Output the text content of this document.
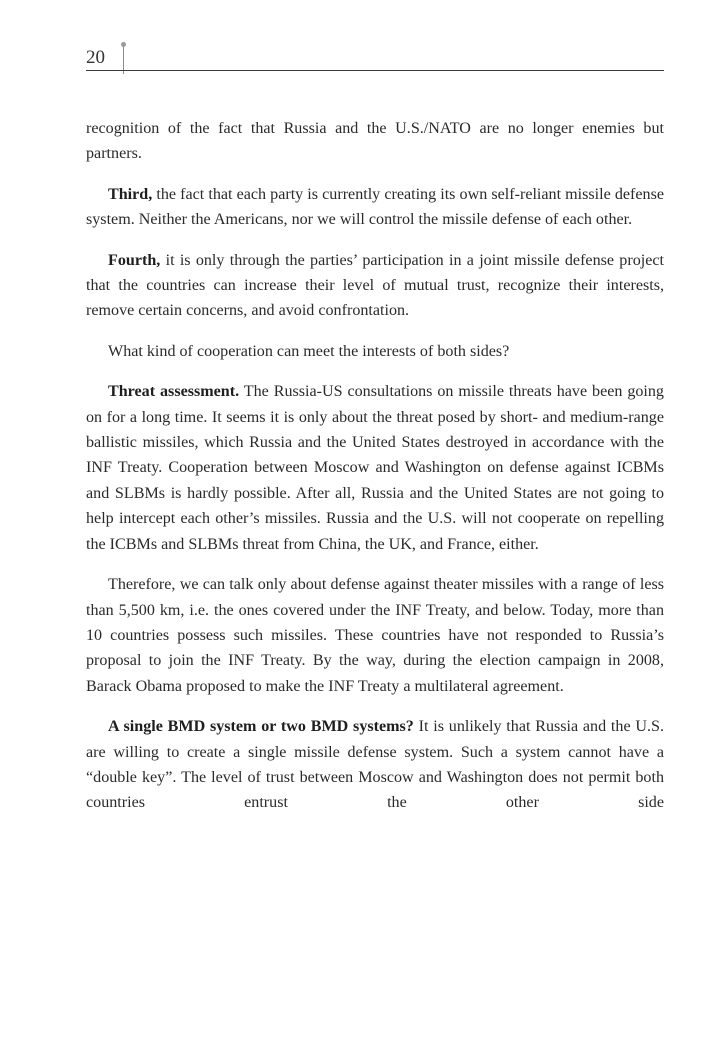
20

recognition of the fact that Russia and the U.S./NATO are no longer enemies but partners.

Third, the fact that each party is currently creating its own self-reliant missile defense system. Neither the Americans, nor we will control the missile defense of each other.

Fourth, it is only through the parties’ participation in a joint missile defense project that the countries can increase their level of mutual trust, recognize their interests, remove certain concerns, and avoid confrontation.

What kind of cooperation can meet the interests of both sides?

Threat assessment. The Russia-US consultations on missile threats have been going on for a long time. It seems it is only about the threat posed by short- and medium-range ballistic missiles, which Russia and the United States destroyed in accordance with the INF Treaty. Cooperation between Moscow and Washington on defense against ICBMs and SLBMs is hardly possible. After all, Russia and the United States are not going to help intercept each other’s missiles. Russia and the U.S. will not cooperate on repelling the ICBMs and SLBMs threat from China, the UK, and France, either.

Therefore, we can talk only about defense against theater missiles with a range of less than 5,500 km, i.e. the ones covered under the INF Treaty, and below. Today, more than 10 countries possess such missiles. These countries have not responded to Russia’s proposal to join the INF Treaty. By the way, during the election campaign in 2008, Barack Obama proposed to make the INF Treaty a multilateral agreement.

A single BMD system or two BMD systems? It is unlikely that Russia and the U.S. are willing to create a single missile defense system. Such a system cannot have a “double key”. The level of trust between Moscow and Washington does not permit both countries entrust the other side
